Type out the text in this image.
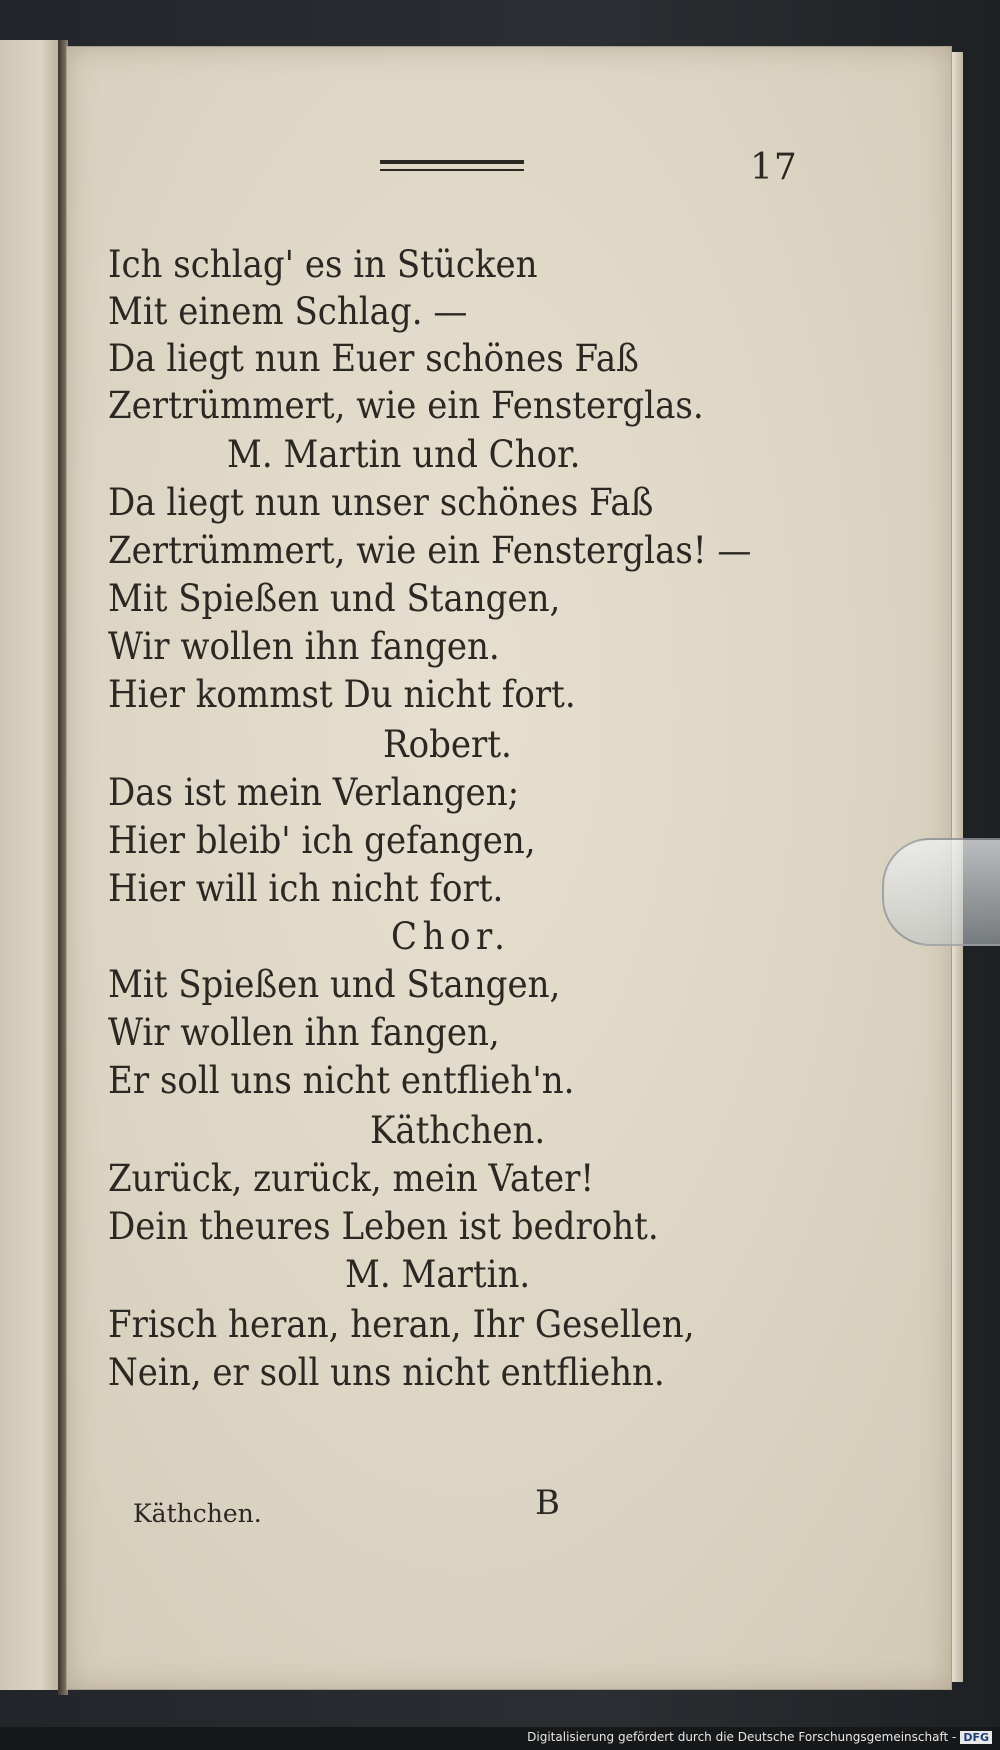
17
Ich schlag' es in Stücken
Mit einem Schlag. —
Da liegt nun Euer schönes Faß
Zertrümmert, wie ein Fensterglas.
M. Martin und Chor.
Da liegt nun unser schönes Faß
Zertrümmert, wie ein Fensterglas! —
Mit Spießen und Stangen,
Wir wollen ihn fangen.
Hier kommst Du nicht fort.
Robert.
Das ist mein Verlangen;
Hier bleib' ich gefangen,
Hier will ich nicht fort.
Chor.
Mit Spießen und Stangen,
Wir wollen ihn fangen,
Er soll uns nicht entflieh'n.
Käthchen.
Zurück, zurück, mein Vater!
Dein theures Leben ist bedroht.
M. Martin.
Frisch heran, heran, Ihr Gesellen,
Nein, er soll uns nicht entfliehn.
Käthchen.	B
Digitalisierung gefördert durch die Deutsche Forschungsgemeinschaft - DFG
